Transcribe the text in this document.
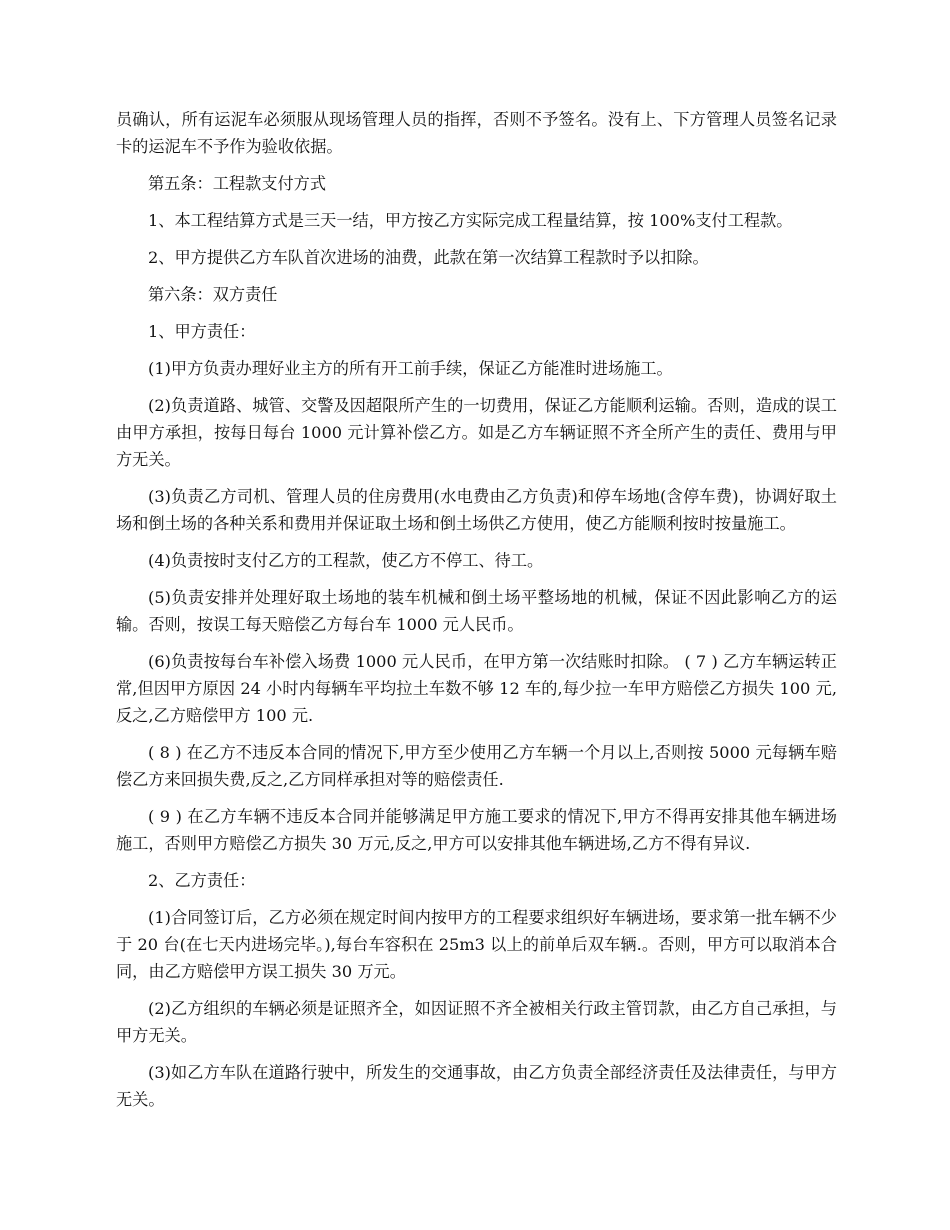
员确认，所有运泥车必须服从现场管理人员的指挥，否则不予签名。没有上、下方管理人员签名记录卡的运泥车不予作为验收依据。

第五条：工程款支付方式

1、本工程结算方式是三天一结，甲方按乙方实际完成工程量结算，按 100%支付工程款。

2、甲方提供乙方车队首次进场的油费，此款在第一次结算工程款时予以扣除。

第六条：双方责任

1、甲方责任：

(1)甲方负责办理好业主方的所有开工前手续，保证乙方能准时进场施工。

(2)负责道路、城管、交警及因超限所产生的一切费用，保证乙方能顺利运输。否则，造成的误工由甲方承担，按每日每台 1000 元计算补偿乙方。如是乙方车辆证照不齐全所产生的责任、费用与甲方无关。

(3)负责乙方司机、管理人员的住房费用(水电费由乙方负责)和停车场地(含停车费)，协调好取土场和倒土场的各种关系和费用并保证取土场和倒土场供乙方使用，使乙方能顺利按时按量施工。

(4)负责按时支付乙方的工程款，使乙方不停工、待工。

(5)负责安排并处理好取土场地的装车机械和倒土场平整场地的机械，保证不因此影响乙方的运输。否则，按误工每天赔偿乙方每台车 1000 元人民币。

(6)负责按每台车补偿入场费 1000 元人民币，在甲方第一次结账时扣除。 ( 7 ) 乙方车辆运转正常,但因甲方原因 24 小时内每辆车平均拉土车数不够 12 车的,每少拉一车甲方赔偿乙方损失 100 元,反之,乙方赔偿甲方 100 元.

( 8 ) 在乙方不违反本合同的情况下,甲方至少使用乙方车辆一个月以上,否则按 5000 元每辆车赔偿乙方来回损失费,反之,乙方同样承担对等的赔偿责任.

( 9 ) 在乙方车辆不违反本合同并能够满足甲方施工要求的情况下,甲方不得再安排其他车辆进场施工，否则甲方赔偿乙方损失 30 万元,反之,甲方可以安排其他车辆进场,乙方不得有异议.

2、乙方责任：

(1)合同签订后，乙方必须在规定时间内按甲方的工程要求组织好车辆进场，要求第一批车辆不少于 20 台(在七天内进场完毕。),每台车容积在 25m3 以上的前单后双车辆.。否则，甲方可以取消本合同，由乙方赔偿甲方误工损失 30 万元。

(2)乙方组织的车辆必须是证照齐全，如因证照不齐全被相关行政主管罚款，由乙方自己承担，与甲方无关。

(3)如乙方车队在道路行驶中，所发生的交通事故，由乙方负责全部经济责任及法律责任，与甲方无关。
